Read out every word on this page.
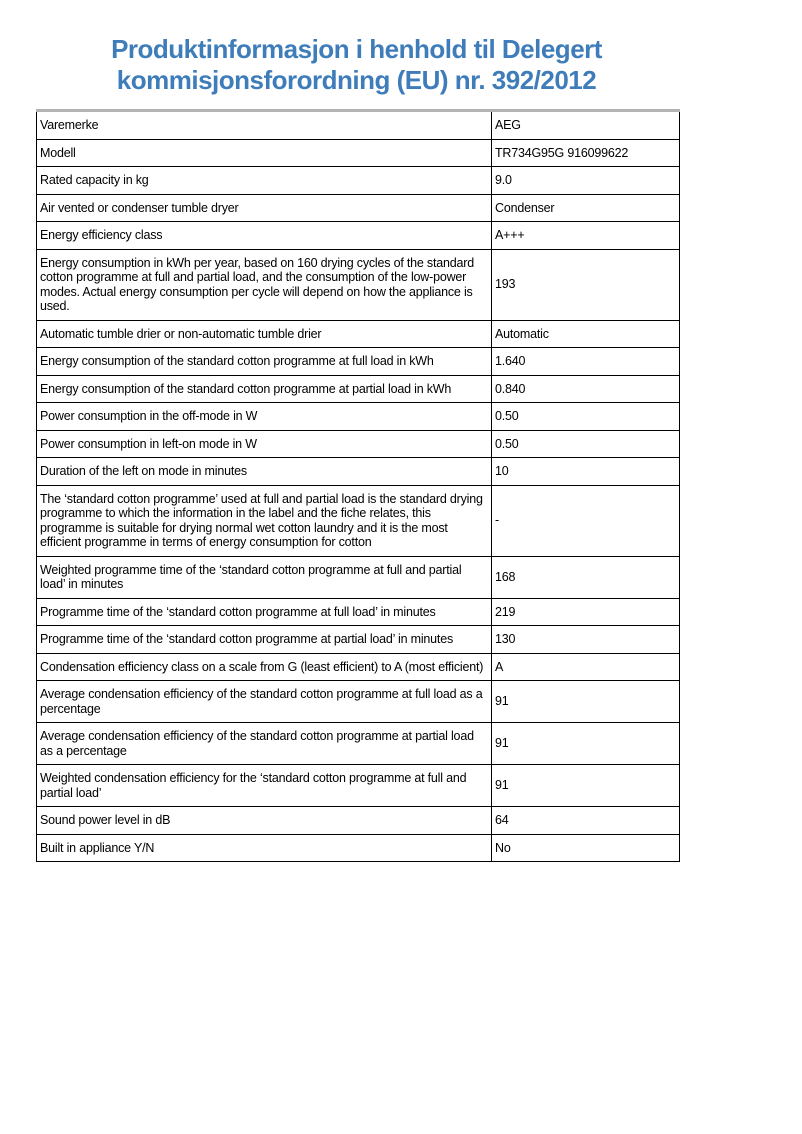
Produktinformasjon i henhold til Delegert kommisjonsforordning (EU) nr. 392/2012
Varemerke	AEG
Modell	TR734G95G 916099622
Rated capacity in kg	9.0
Air vented or condenser tumble dryer	Condenser
Energy efficiency class	A+++
Energy consumption in kWh per year, based on 160 drying cycles of the standard cotton programme at full and partial load, and the consumption of the low-power modes. Actual energy consumption per cycle will depend on how the appliance is used.	193
Automatic tumble drier or non-automatic tumble drier	Automatic
Energy consumption of the standard cotton programme at full load in kWh	1.640
Energy consumption of the standard cotton programme at partial load in kWh	0.840
Power consumption in the off-mode in W	0.50
Power consumption in left-on mode in W	0.50
Duration of the left on mode in minutes	10
The ‘standard cotton programme’ used at full and partial load is the standard drying programme to which the information in the label and the fiche relates, this programme is suitable for drying normal wet cotton laundry and it is the most efficient programme in terms of energy consumption for cotton	-
Weighted programme time of the ‘standard cotton programme at full and partial load’ in minutes	168
Programme time of the ‘standard cotton programme at full load’ in minutes	219
Programme time of the ‘standard cotton programme at partial load’ in minutes	130
Condensation efficiency class on a scale from G (least efficient) to A (most efficient)	A
Average condensation efficiency of the standard cotton programme at full load as a percentage	91
Average condensation efficiency of the standard cotton programme at partial load as a percentage	91
Weighted condensation efficiency for the ‘standard cotton programme at full and partial load’	91
Sound power level in dB	64
Built in appliance Y/N	No
